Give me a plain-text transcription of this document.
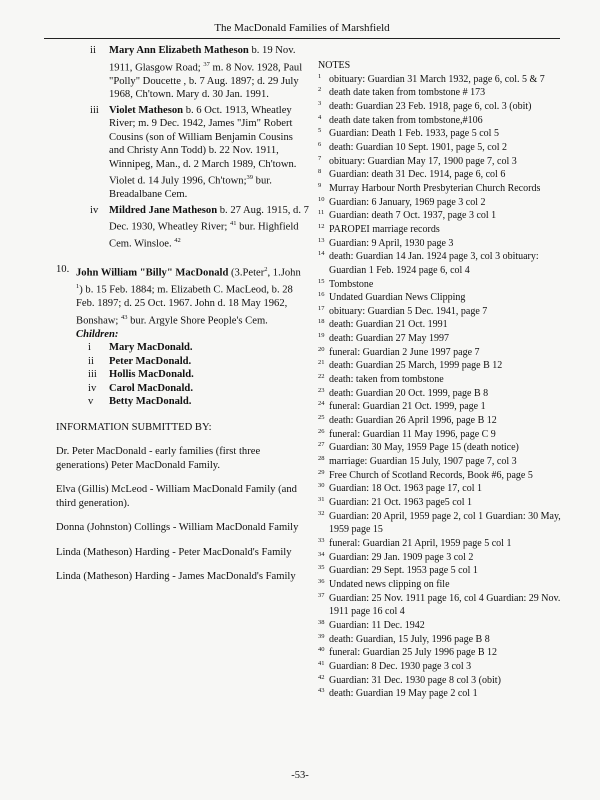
The MacDonald Families of Marshfield
ii Mary Ann Elizabeth Matheson b. 19 Nov. 1911, Glasgow Road; $^{37}$ m. 8 Nov. 1928, Paul "Polly" Doucette , b. 7 Aug. 1897; d. 29 July 1968, Ch'town. Mary d. 30 Jan. 1991.
iii Violet Matheson b. 6 Oct. 1913, Wheatley River; m. 9 Dec. 1942, James "Jim" Robert Cousins (son of William Benjamin Cousins and Christy Ann Todd) b. 22 Nov. 1911, Winnipeg, Man., d. 2 March 1989, Ch'town. Violet d. 14 July 1996, Ch'town;$^{39}$ bur. Breadalbane Cem.
iv Mildred Jane Matheson b. 27 Aug. 1915, d. 7 Dec. 1930, Wheatley River; $^{41}$ bur. Highfield Cem. Winsloe. $^{42}$
10. John William "Billy" MacDonald (3.Peter$^2$, 1.John $^1$) b. 15 Feb. 1884; m. Elizabeth C. MacLeod, b. 28 Feb. 1897; d. 25 Oct. 1967. John d. 18 May 1962, Bonshaw; $^{43}$ bur. Argyle Shore People's Cem.
Children:
i Mary MacDonald.
ii Peter MacDonald.
iii Hollis MacDonald.
iv Carol MacDonald.
v Betty MacDonald.
INFORMATION SUBMITTED BY:
Dr. Peter MacDonald - early families (first three generations) Peter MacDonald Family.
Elva (Gillis) McLeod - William MacDonald Family (and third generation).
Donna (Johnston) Collings - William MacDonald Family
Linda (Matheson) Harding - Peter MacDonald's Family
Linda (Matheson) Harding - James MacDonald's Family
NOTES
1 obituary: Guardian 31 March 1932, page 6, col. 5 & 7
2 death date taken from tombstone # 173
3 death: Guardian 23 Feb. 1918, page 6, col. 3 (obit)
4 death date taken from tombstone,#106
5 Guardian: Death 1 Feb. 1933, page 5 col 5
6 death: Guardian 10 Sept. 1901, page 5, col 2
7 obituary: Guardian May 17, 1900 page 7, col 3
8 Guardian: death 31 Dec. 1914, page 6, col 6
9 Murray Harbour North Presbyterian Church Records
10 Guardian: 6 January, 1969 page 3 col 2
11 Guardian: death 7 Oct. 1937, page 3 col 1
12 PAROPEI marriage records
13 Guardian: 9 April, 1930 page 3
14 death: Guardian 14 Jan. 1924 page 3, col 3 obituary: Guardian 1 Feb. 1924 page 6, col 4
15 Tombstone
16 Undated Guardian News Clipping
17 obituary: Guardian 5 Dec. 1941, page 7
18 death: Guardian 21 Oct. 1991
19 death: Guardian 27 May 1997
20 funeral: Guardian 2 June 1997 page 7
21 death: Guardian 25 March, 1999 page B 12
22 death: taken from tombstone
23 death: Guardian 20 Oct. 1999, page B 8
24 funeral: Guardian 21 Oct. 1999, page 1
25 death: Guardian 26 April 1996, page B 12
26 funeral: Guardian 11 May 1996, page C 9
27 Guardian: 30 May, 1959 Page 15 (death notice)
28 marriage: Guardian 15 July, 1907 page 7, col 3
29 Free Church of Scotland Records, Book #6, page 5
30 Guardian: 18 Oct. 1963 page 17, col 1
31 Guardian: 21 Oct. 1963 page5 col 1
32 Guardian: 20 April, 1959 page 2, col 1 Guardian: 30 May, 1959 page 15
33 funeral: Guardian 21 April, 1959 page 5 col 1
34 Guardian: 29 Jan. 1909 page 3 col 2
35 Guardian: 29 Sept. 1953 page 5 col 1
36 Undated news clipping on file
37 Guardian: 25 Nov. 1911 page 16, col 4 Guardian: 29 Nov. 1911 page 16 col 4
38 Guardian: 11 Dec. 1942
39 death: Guardian, 15 July, 1996 page B 8
40 funeral: Guardian 25 July 1996 page B 12
41 Guardian: 8 Dec. 1930 page 3 col 3
42 Guardian: 31 Dec. 1930 page 8 col 3 (obit)
43 death: Guardian 19 May page 2 col 1
-53-
